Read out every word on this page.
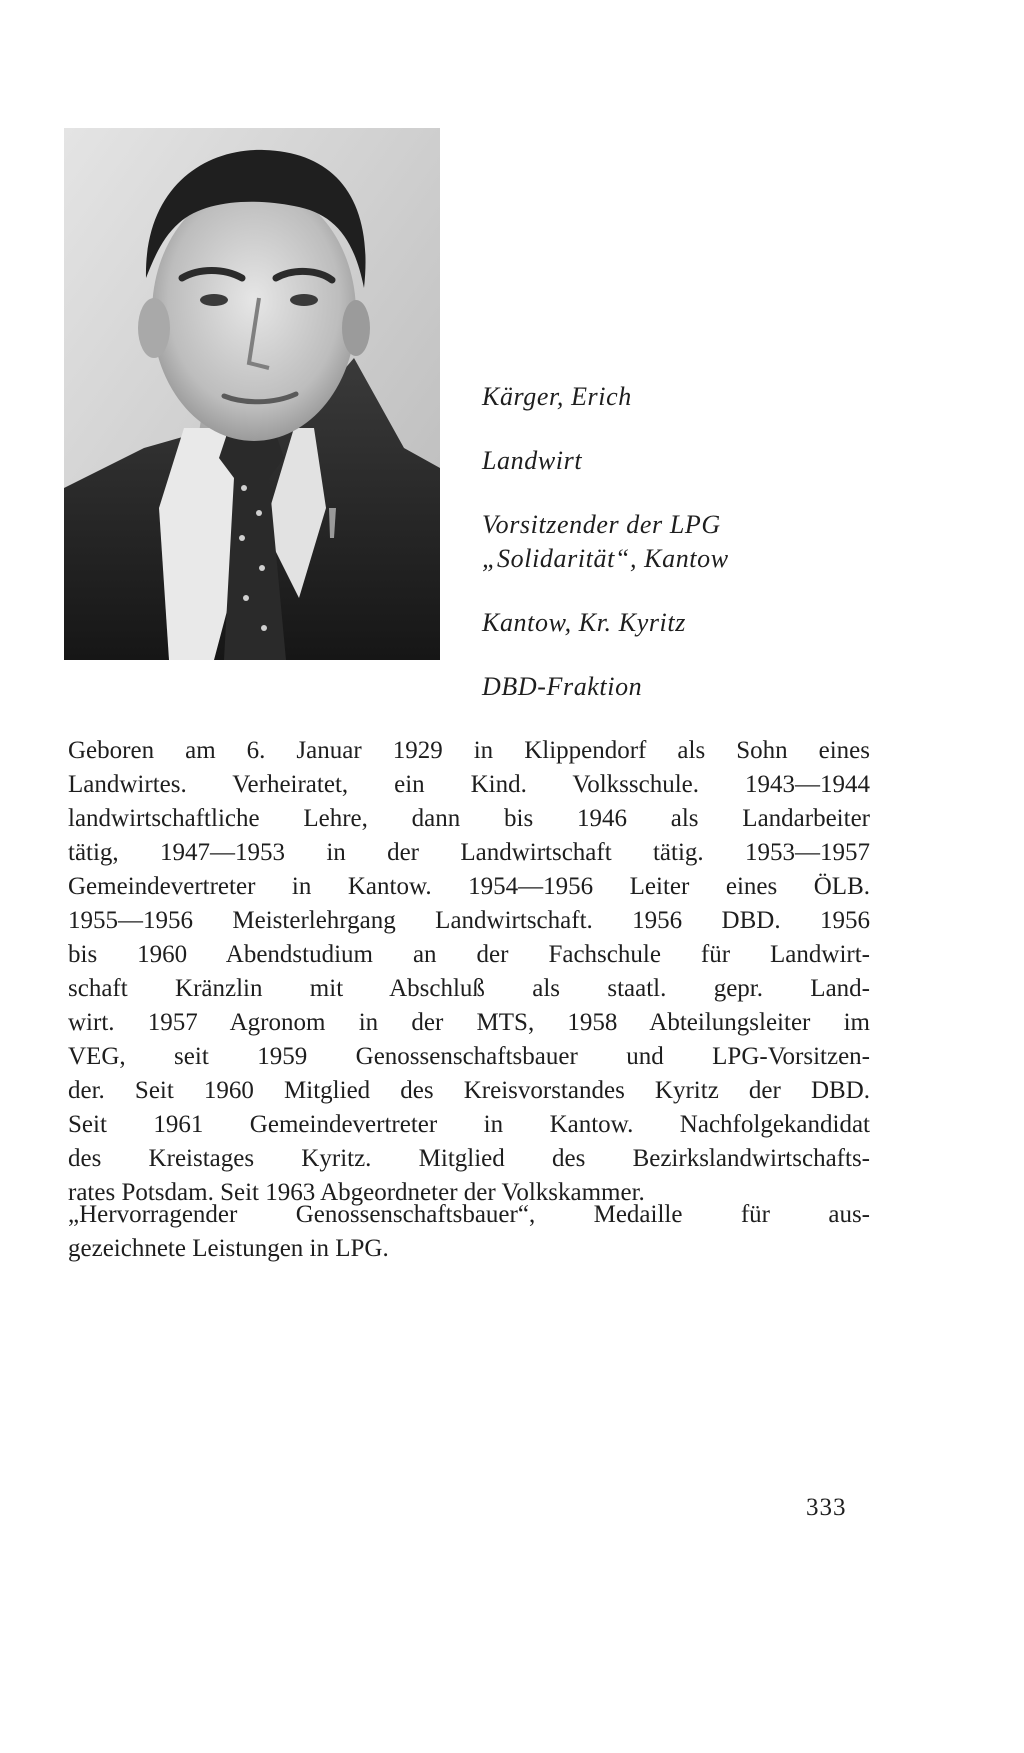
Kärger, Erich
Landwirt
Vorsitzender der LPG
„Solidarität“, Kantow
Kantow, Kr. Kyritz
DBD-Fraktion

Geboren am 6. Januar 1929 in Klippendorf als Sohn eines
Landwirtes. Verheiratet, ein Kind. Volksschule. 1943—1944
landwirtschaftliche Lehre, dann bis 1946 als Landarbeiter
tätig, 1947—1953 in der Landwirtschaft tätig. 1953—1957
Gemeindevertreter in Kantow. 1954—1956 Leiter eines ÖLB.
1955—1956 Meisterlehrgang Landwirtschaft. 1956 DBD. 1956
bis 1960 Abendstudium an der Fachschule für Landwirt-
schaft Kränzlin mit Abschluß als staatl. gepr. Land-
wirt. 1957 Agronom in der MTS, 1958 Abteilungsleiter im
VEG, seit 1959 Genossenschaftsbauer und LPG-Vorsitzen-
der. Seit 1960 Mitglied des Kreisvorstandes Kyritz der DBD.
Seit 1961 Gemeindevertreter in Kantow. Nachfolgekandidat
des Kreistages Kyritz. Mitglied des Bezirkslandwirtschafts-
rates Potsdam. Seit 1963 Abgeordneter der Volkskammer.

„Hervorragender Genossenschaftsbauer“, Medaille für aus-
gezeichnete Leistungen in LPG.

333
